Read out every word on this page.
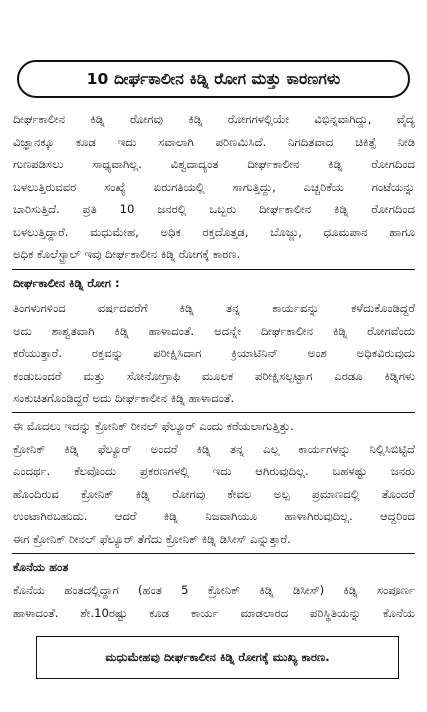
10 ದೀರ್ಘಕಾಲೀನ ಕಿಡ್ನಿ ರೋಗ ಮತ್ತು ಕಾರಣಗಳು
ದೀರ್ಘಕಾಲೀನ ಕಿಡ್ನಿ ರೋಗವು ಕಿಡ್ನಿ ರೋಗಗಳಲ್ಲಿಯೇ ವಿಭಿನ್ನವಾಗಿದ್ದು, ವೈದ್ಯ
ವಿಜ್ಞಾನಕ್ಕೂ ಕೂಡ ಇದು ಸವಾಲಾಗಿ ಪರಿಣಮಿಸಿದೆ. ನಿಗದಿತವಾದ ಚಿಕಿತ್ಸೆ ನೀಡಿ
ಗುಣಪಡಿಸಲು ಸಾಧ್ಯವಾಗಿಲ್ಲ. ವಿಶ್ವದಾದ್ಯಂತ ದೀರ್ಘಕಾಲೀನ ಕಿಡ್ನಿ ರೋಗದಿಂದ
ಬಳಲುತ್ತಿರುವವರ ಸಂಖ್ಯೆ ಏರುಗತಿಯಲ್ಲಿ ಸಾಗುತ್ತಿದ್ದು, ಎಚ್ಚರಿಕೆಯ ಗಂಟೆಯನ್ನು
ಬಾರಿಸುತ್ತಿದೆ. ಪ್ರತಿ 10 ಜನರಲ್ಲಿ ಒಬ್ಬರು ದೀರ್ಘಕಾಲೀನ ಕಿಡ್ನಿ ರೋಗದಿಂದ
ಬಳಲುತ್ತಿದ್ದಾರೆ. ಮಧುಮೇಹ, ಅಧಿಕ ರಕ್ತದೊತ್ತಡ, ಬೊಜ್ಜು, ಧೂಮಪಾನ ಹಾಗೂ
ಅಧಿಕ ಕೊಲೆಸ್ಟ್ರಾಲ್ ಇವು ದೀರ್ಘಕಾಲೀನ ಕಿಡ್ನಿ ರೋಗಕ್ಕೆ ಕಾರಣ.
ದೀರ್ಘಕಾಲೀನ ಕಿಡ್ನಿ ರೋಗ :
ತಿಂಗಳುಗಳಿಂದ ವರ್ಷದವರೆಗೆ ಕಿಡ್ನಿ ತನ್ನ ಕಾರ್ಯವನ್ನು ಕಳೆದುಕೊಂಡಿದ್ದರೆ
ಅದು ಶಾಶ್ವತವಾಗಿ ಕಿಡ್ನಿ ಹಾಳಾದಂತೆ. ಅದನ್ನೇ ದೀರ್ಘಕಾಲೀನ ಕಿಡ್ನಿ ರೋಗವೆಂದು
ಕರೆಯುತ್ತಾರೆ. ರಕ್ತವನ್ನು ಪರೀಕ್ಷಿಸಿದಾಗ ಕ್ರಿಯಾಟಿನಿನ್ ಅಂಶ ಅಧಿಕವಿರುವುದು
ಕಂಡುಬಂದರೆ ಮತ್ತು ಸೋನೋಗ್ರಾಫಿ ಮೂಲಕ ಪರೀಕ್ಷಿಸಲ್ಪಟ್ಟಾಗ ಎರಡೂ ಕಿಡ್ನಿಗಳು
ಸಂಕುಚಿತಗೊಂಡಿದ್ದರೆ ಅದು ದೀರ್ಘಕಾಲೀನ ಕಿಡ್ನಿ ಹಾಳಾದಂತೆ.
ಈ ಮೊದಲು ಇದನ್ನು ಕ್ರೋನಿಕ್ ರೀನಲ್ ಫೆಲ್ಯೂರ್ ಎಂದು ಕರೆಯಲಾಗುತ್ತಿತ್ತು.
ಕ್ರೋನಿಕ್ ಕಿಡ್ನಿ ಫೆಲ್ಯೂರ್ ಅಂದರೆ ಕಿಡ್ನಿ ತನ್ನ ಎಲ್ಲ ಕಾರ್ಯಗಳನ್ನು ನಿಲ್ಲಿಸಿಬಿಟ್ಟಿದೆ
ಎಂದರ್ಥ. ಕೆಲವೊಂದು ಪ್ರಕರಣಗಳಲ್ಲಿ ಇದು ಆಗಿರುವುದಿಲ್ಲ. ಬಹಳಷ್ಟು ಜನರು
ಹೊಂದಿರುವ ಕ್ರೋನಿಕ್ ಕಿಡ್ನಿ ರೋಗವು ಕೇವಲ ಅಲ್ಪ ಪ್ರಮಾಣದಲ್ಲಿ ತೊಂದರೆ
ಉಂಟಾಗಿರಬಹುದು. ಆದರೆ ಕಿಡ್ನಿ ನಿಜವಾಗಿಯೂ ಹಾಳಾಗಿರುವುದಿಲ್ಲ. ಆದ್ದರಿಂದ
ಈಗ ಕ್ರೋನಿಕ್ ರೀನಲ್ ಫೆಲ್ಯೂರ್ ತೆಗೆದು ಕ್ರೋನಿಕ್ ಕಿಡ್ನಿ ಡಿಸೀಸ್ ಎನ್ನುತ್ತಾರೆ.
ಕೊನೆಯ ಹಂತ
ಕೊನೆಯ ಹಂತದಲ್ಲಿದ್ದಾಗ (ಹಂತ 5 ಕ್ರೋನಿಕ್ ಕಿಡ್ನಿ ಡಿಸೀಸ್) ಕಿಡ್ನಿ ಸಂಪೂರ್ಣ
ಹಾಳಾದಂತೆ. ಶೇ.10ರಷ್ಟು ಕೂಡ ಕಾರ್ಯ ಮಾಡಲಾರದ ಪರಿಸ್ಥಿತಿಯನ್ನು ಕೊನೆಯ
ಮಧುಮೇಹವು ದೀರ್ಘಕಾಲೀನ ಕಿಡ್ನಿ ರೋಗಕ್ಕೆ ಮುಖ್ಯ ಕಾರಣ.
